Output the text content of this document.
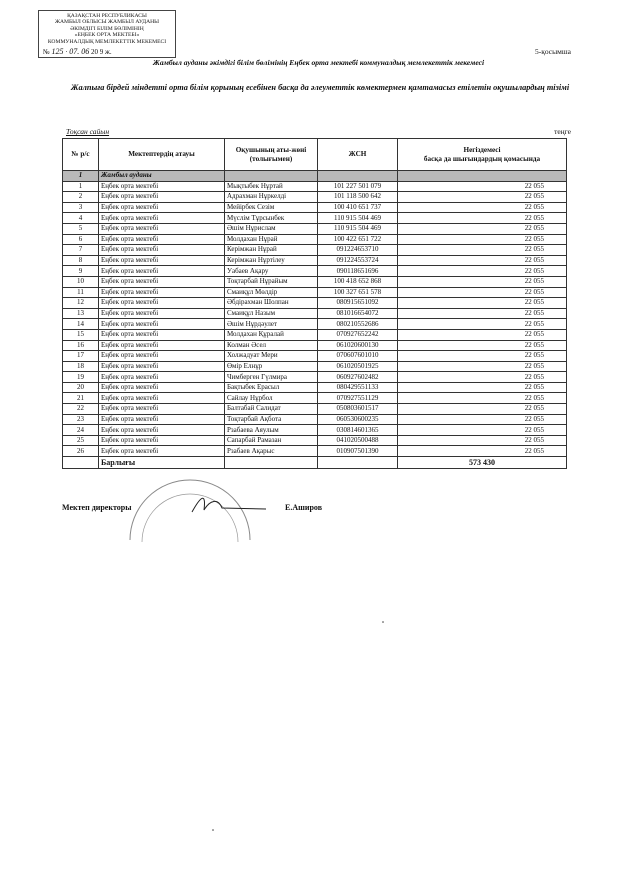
ҚАЗАҚСТАН РЕСПУБЛИКАСЫ
ЖАМБЫЛ ОБЛЫСЫ ЖАМБЫЛ АУДАНЫ
ӘКІМДІГІ БІЛІМ БӨЛІМІНІҢ
«ЕҢБЕК ОРТА МЕКТЕБІ»
КОММУНАЛДЫҚ МЕМЛЕКЕТТІК МЕКЕМЕСІ
№ 125 · 07. 06 20 9 ж.	5-қосымша
Жамбыл ауданы әкімдігі білім бөлімінің Еңбек орта мектебі коммуналдық мемлекеттік мекемесі
Жалпыға бірдей міндетті орта білім қорының есебінен басқа да әлеуметтік көмектермен қамтамасыз етілетін оқушылардың тізімі
Тоқсан сайын	теңге
№ р/с	Мектептердің атауы	Оқушының аты-жөні (толығымен)	ЖСН	Негіздемесі
басқа да шығындардың қомасында
1	Жамбыл ауданы			
1	Еңбек орта мектебі	Мықтыбек Нұртай	101 227 501 079	22 055
2	Еңбек орта мектебі	Адрахман Нұркелді	101 118 500 642	22 055
3	Еңбек орта мектебі	Мейірбек Сезім	100 410 651 737	22 055
4	Еңбек орта мектебі	Мүслім Тұрсынбек	110 915 504 469	22 055
5	Еңбек орта мектебі	Әшім Нұрислам	110 915 504 469	22 055
6	Еңбек орта мектебі	Молдахан Нұрай	100 422 651 722	22 055
7	Еңбек орта мектебі	Керімжан Нұрай	091224653710	22 055
8	Еңбек орта мектебі	Керімжан Нұртілеу	091224553724	22 055
9	Еңбек орта мектебі	Уабаев Ақару	090118651696	22 055
10	Еңбек орта мектебі	Тоқтарбай Нұрайым	100 418 652 868	22 055
11	Еңбек орта мектебі	Смаиқұл Мөлдір	100 327 651 578	22 055
12	Еңбек орта мектебі	Әбдірахман Шолпан	080915651092	22 055
13	Еңбек орта мектебі	Смаиқұл Назым	081016654072	22 055
14	Еңбек орта мектебі	Әшім Нұрдәулет	080210552686	22 055
15	Еңбек орта мектебі	Молдахан Құралай	070927652242	22 055
16	Еңбек орта мектебі	Колман Әсел	061020600130	22 055
17	Еңбек орта мектебі	Холжадуат Мери	070607601010	22 055
18	Еңбек орта мектебі	Өмір Елнұр	061020501925	22 055
19	Еңбек орта мектебі	Чимберген Гүлмира	060927602482	22 055
20	Еңбек орта мектебі	Бақтыбек Ерасыл	080429551133	22 055
21	Еңбек орта мектебі	Сайлау Нұрбол	070927551129	22 055
22	Еңбек орта мектебі	Балтабай Салидат	050803601517	22 055
23	Еңбек орта мектебі	Тоқтарбай Ақбота	060530600235	22 055
24	Еңбек орта мектебі	Рзабаева Аяулым	030814601365	22 055
25	Еңбек орта мектебі	Сапарбай Рамазан	041020500488	22 055
26	Еңбек орта мектебі	Рзабаев Ақарыс	010907501390	22 055
	Барлығы			573 430
Мектеп директоры	Е.Аширов
